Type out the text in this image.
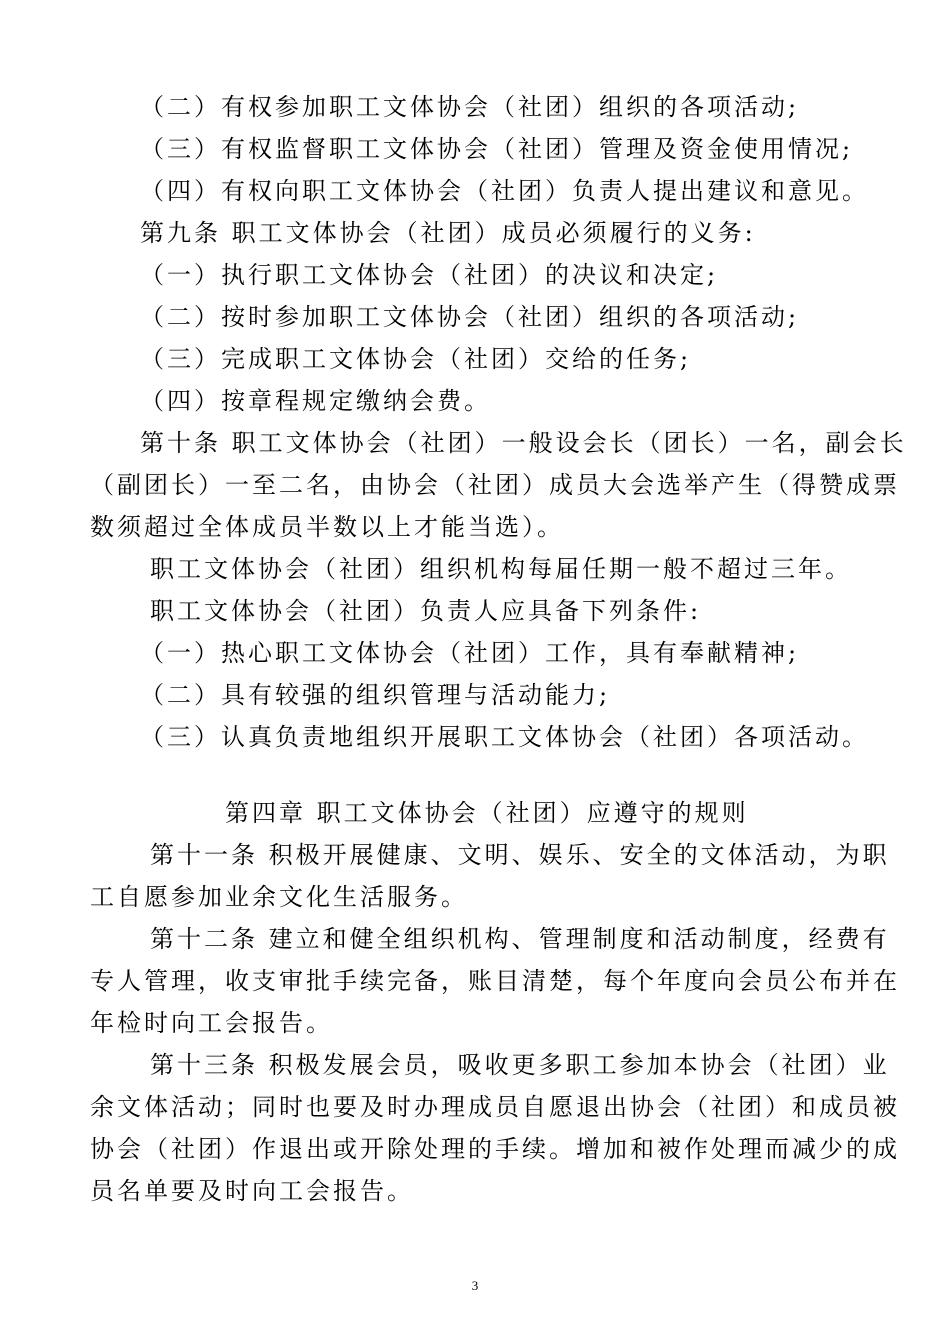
（二）有权参加职工文体协会（社团）组织的各项活动;
（三）有权监督职工文体协会（社团）管理及资金使用情况;
（四）有权向职工文体协会（社团）负责人提出建议和意见。
第九条 职工文体协会（社团）成员必须履行的义务:
（一）执行职工文体协会（社团）的决议和决定;
（二）按时参加职工文体协会（社团）组织的各项活动;
（三）完成职工文体协会（社团）交给的任务;
（四）按章程规定缴纳会费。
第十条 职工文体协会（社团）一般设会长（团长）一名，副会长
（副团长）一至二名，由协会（社团）成员大会选举产生（得赞成票
数须超过全体成员半数以上才能当选）。
职工文体协会（社团）组织机构每届任期一般不超过三年。
职工文体协会（社团）负责人应具备下列条件:
（一）热心职工文体协会（社团）工作，具有奉献精神;
（二）具有较强的组织管理与活动能力;
（三）认真负责地组织开展职工文体协会（社团）各项活动。
第四章 职工文体协会（社团）应遵守的规则
第十一条 积极开展健康、文明、娱乐、安全的文体活动，为职
工自愿参加业余文化生活服务。
第十二条 建立和健全组织机构、管理制度和活动制度，经费有
专人管理，收支审批手续完备，账目清楚，每个年度向会员公布并在
年检时向工会报告。
第十三条 积极发展会员，吸收更多职工参加本协会（社团）业
余文体活动；同时也要及时办理成员自愿退出协会（社团）和成员被
协会（社团）作退出或开除处理的手续。增加和被作处理而减少的成
员名单要及时向工会报告。
3
